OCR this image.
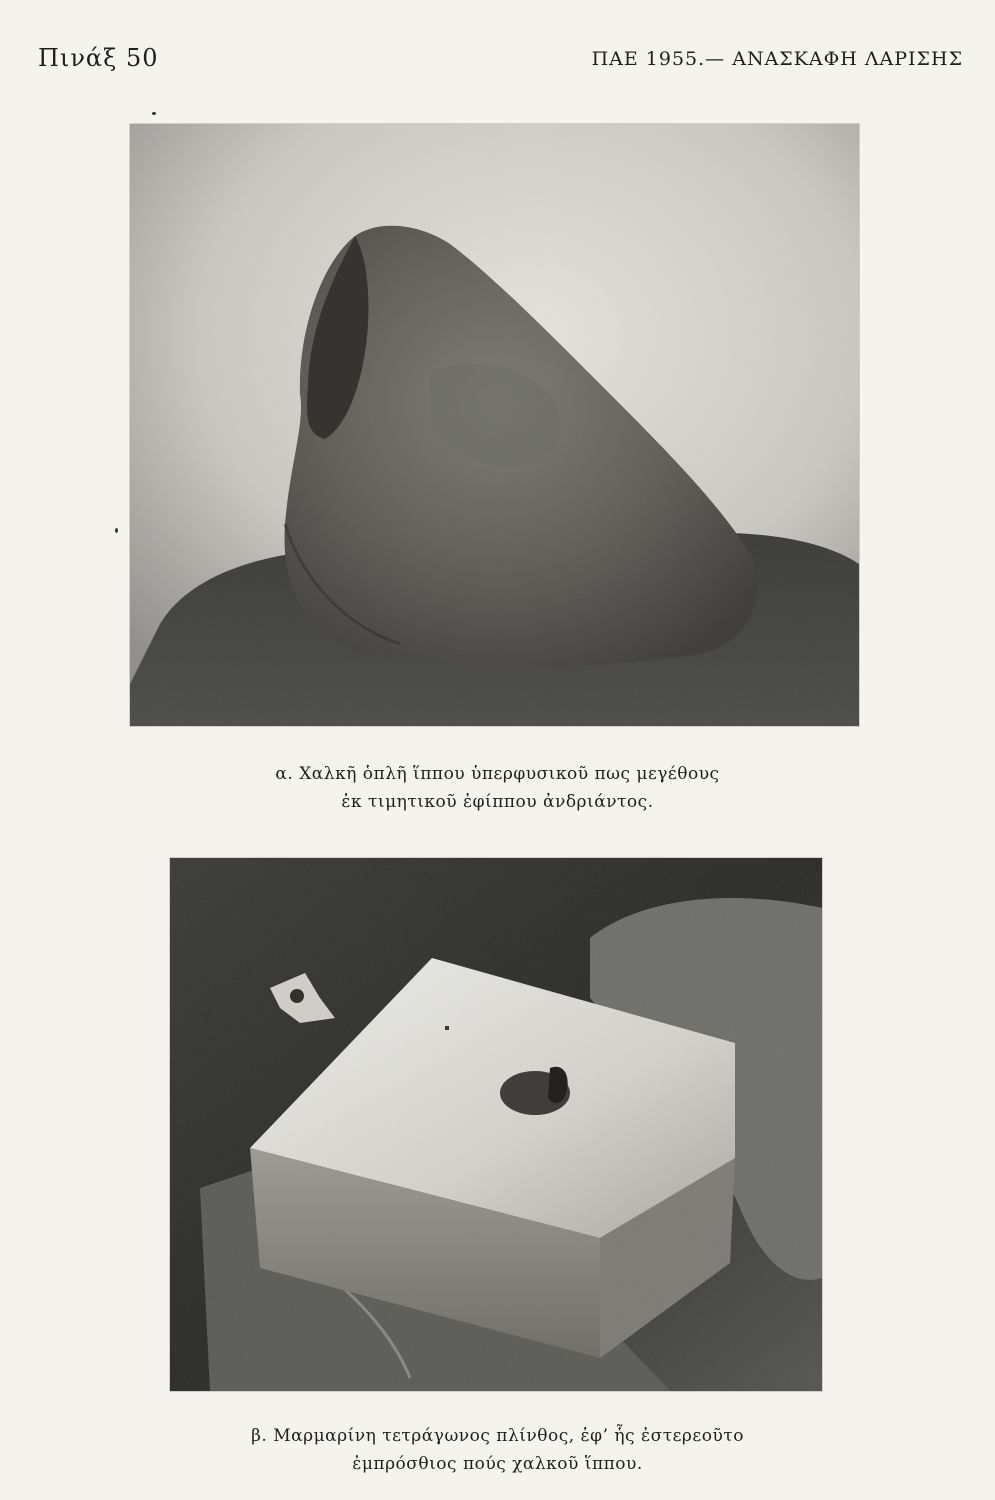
Πινάξ 50	ΠΑΕ 1955.— ΑΝΑΣΚΑΦΗ ΛΑΡΙΣΗΣ
α. Χαλκῆ ὁπλῆ ἵππου ὑπερφυσικοῦ πως μεγέθους
ἐκ τιμητικοῦ ἐφίππου ἀνδριάντος.
β. Μαρμαρίνη τετράγωνος πλίνθος, ἐφ’ ἧς ἐστερεοῦτο
ἐμπρόσθιος πούς χαλκοῦ ἵππου.
